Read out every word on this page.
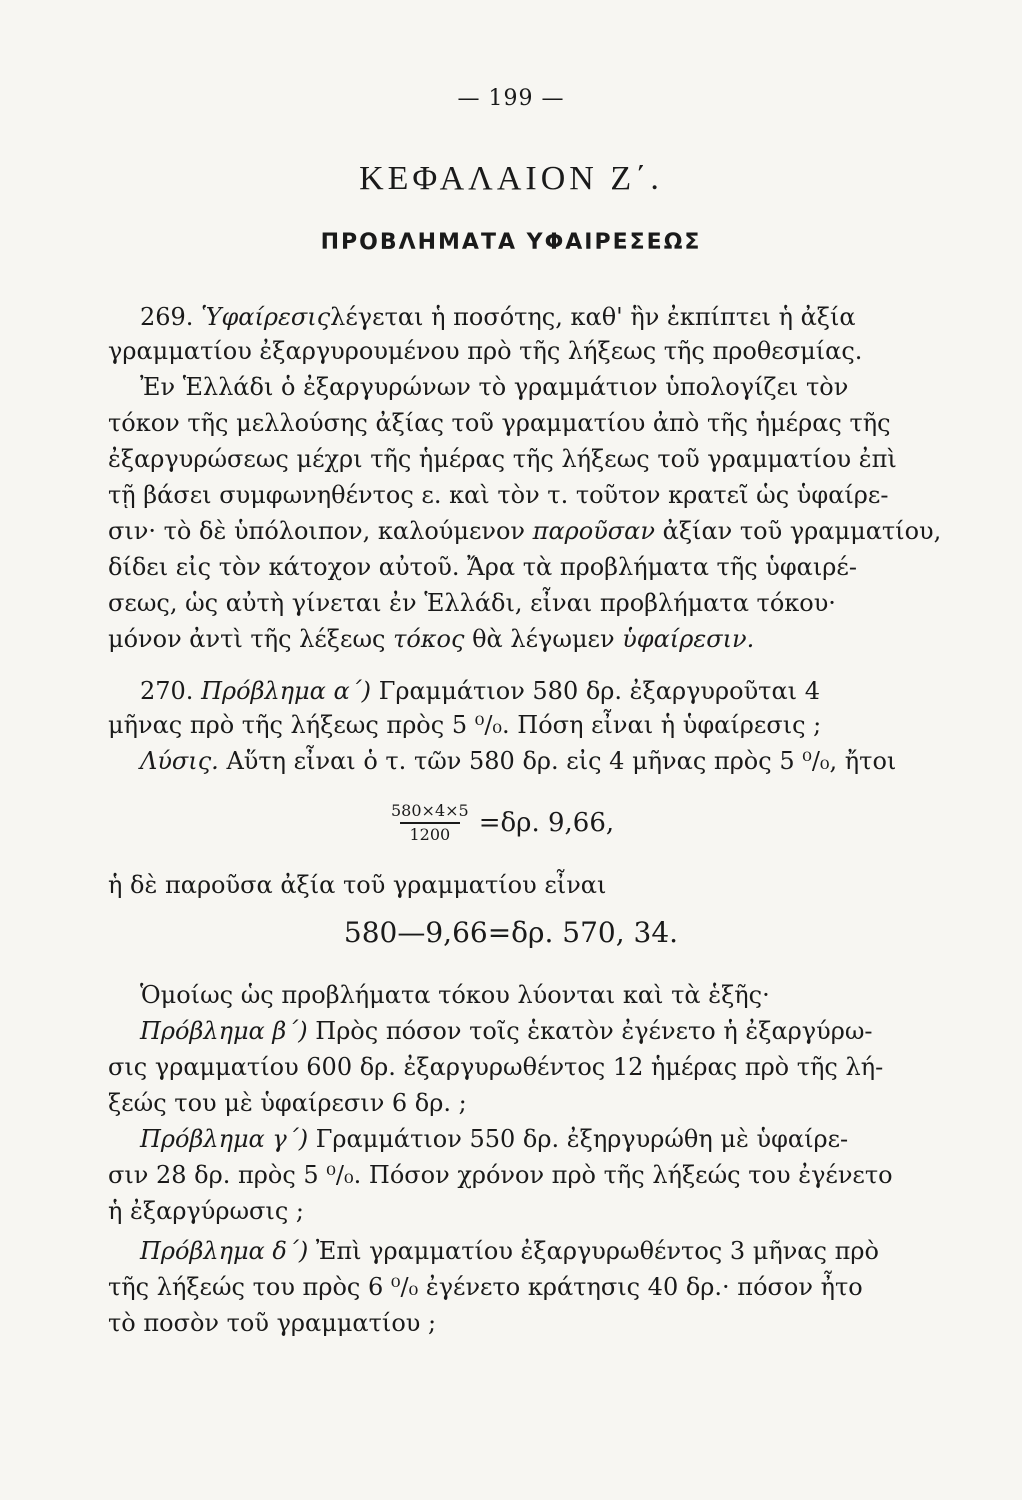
— 199 —
ΚΕΦΑΛΑΙΟΝ Ζ΄.
ΠΡΟΒΛΗΜΑΤΑ ΥΦΑΙΡΕΣΕΩΣ
269. Ὑφαίρεσιςλέγεται ἡ ποσότης, καθ' ἣν ἐκπίπτει ἡ ἀξία
γραμματίου ἐξαργυρουμένου πρὸ τῆς λήξεως τῆς προθεσμίας.
Ἐν Ἑλλάδι ὁ ἐξαργυρώνων τὸ γραμμάτιον ὑπολογίζει τὸν
τόκον τῆς μελλούσης ἀξίας τοῦ γραμματίου ἀπὸ τῆς ἡμέρας τῆς
ἐξαργυρώσεως μέχρι τῆς ἡμέρας τῆς λήξεως τοῦ γραμματίου ἐπὶ
τῇ βάσει συμφωνηθέντος ε. καὶ τὸν τ. τοῦτον κρατεῖ ὡς ὑφαίρε-
σιν· τὸ δὲ ὑπόλοιπον, καλούμενον παροῦσαν ἀξίαν τοῦ γραμματίου,
δίδει εἰς τὸν κάτοχον αὐτοῦ. Ἄρα τὰ προβλήματα τῆς ὑφαιρέ-
σεως, ὡς αὐτὴ γίνεται ἐν Ἑλλάδι, εἶναι προβλήματα τόκου·
μόνον ἀντὶ τῆς λέξεως τόκος θὰ λέγωμεν ὑφαίρεσιν.
270. Πρόβλημα α΄) Γραμμάτιον 580 δρ. ἐξαργυροῦται 4
μῆνας πρὸ τῆς λήξεως πρὸς 5 ⁰/₀. Πόση εἶναι ἡ ὑφαίρεσις ;
Λύσις. Αὕτη εἶναι ὁ τ. τῶν 580 δρ. εἰς 4 μῆνας πρὸς 5 ⁰/₀, ἤτοι
$\frac{580\times 4\times 5}{1200} =\delta\rho$. 9,66,
ἡ δὲ παροῦσα ἀξία τοῦ γραμματίου εἶναι
580—9,66=δρ. 570, 34.
Ὁμοίως ὡς προβλήματα τόκου λύονται καὶ τὰ ἑξῆς·
Πρόβλημα β΄) Πρὸς πόσον τοῖς ἑκατὸν ἐγένετο ἡ ἐξαργύρω-
σις γραμματίου 600 δρ. ἐξαργυρωθέντος 12 ἡμέρας πρὸ τῆς λή-
ξεώς του μὲ ὑφαίρεσιν 6 δρ. ;
Πρόβλημα γ΄) Γραμμάτιον 550 δρ. ἐξηργυρώθη μὲ ὑφαίρε-
σιν 28 δρ. πρὸς 5 ⁰/₀. Πόσον χρόνον πρὸ τῆς λήξεώς του ἐγένετο
ἡ ἐξαργύρωσις ;
Πρόβλημα δ΄) Ἐπὶ γραμματίου ἐξαργυρωθέντος 3 μῆνας πρὸ
τῆς λήξεώς του πρὸς 6 ⁰/₀ ἐγένετο κράτησις 40 δρ.· πόσον ἦτο
τὸ ποσὸν τοῦ γραμματίου ;
